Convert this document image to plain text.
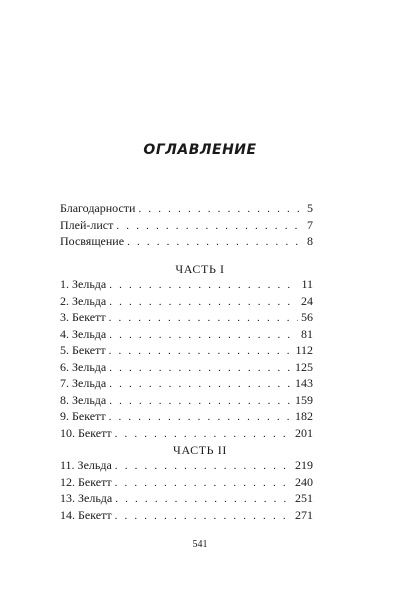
ОГЛАВЛЕНИЕ
Благодарности . . .	5
Плей-лист . . .	7
Посвящение . . .	8
ЧАСТЬ I
1. Зельда . . .	11
2. Зельда . . .	24
3. Бекетт . . .	56
4. Зельда . . .	81
5. Бекетт . . .	112
6. Зельда . . .	125
7. Зельда . . .	143
8. Зельда . . .	159
9. Бекетт . . .	182
10. Бекетт . . .	201
ЧАСТЬ II
11. Зельда . . .	219
12. Бекетт . . .	240
13. Зельда . . .	251
14. Бекетт . . .	271
541
